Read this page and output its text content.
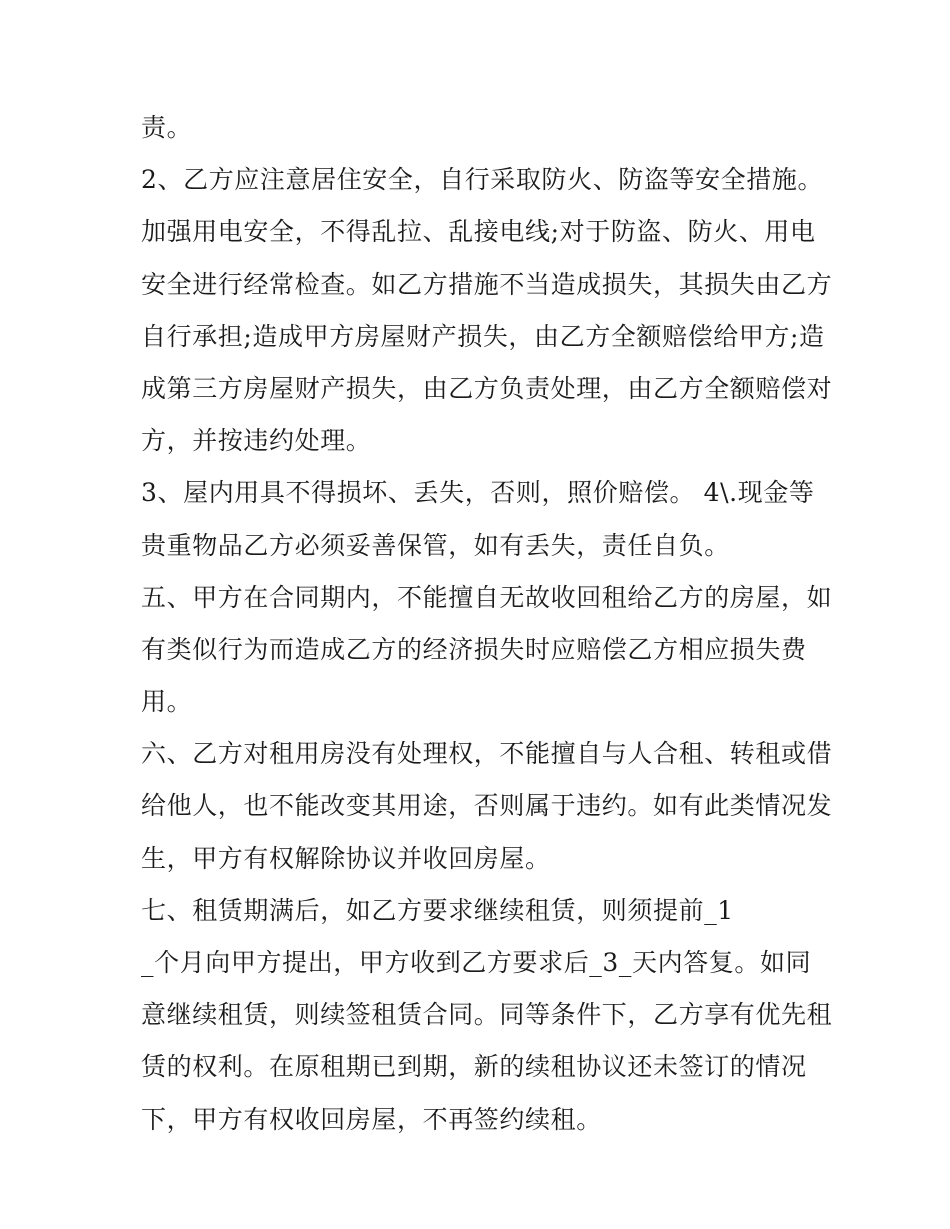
责。
2、乙方应注意居住安全，自行采取防火、防盗等安全措施。
加强用电安全，不得乱拉、乱接电线;对于防盗、防火、用电
安全进行经常检查。如乙方措施不当造成损失，其损失由乙方
自行承担;造成甲方房屋财产损失，由乙方全额赔偿给甲方;造
成第三方房屋财产损失，由乙方负责处理，由乙方全额赔偿对
方，并按违约处理。
3、屋内用具不得损坏、丢失，否则，照价赔偿。 4\.现金等
贵重物品乙方必须妥善保管，如有丢失，责任自负。
五、甲方在合同期内，不能擅自无故收回租给乙方的房屋，如
有类似行为而造成乙方的经济损失时应赔偿乙方相应损失费
用。
六、乙方对租用房没有处理权，不能擅自与人合租、转租或借
给他人，也不能改变其用途，否则属于违约。如有此类情况发
生，甲方有权解除协议并收回房屋。
七、租赁期满后，如乙方要求继续租赁，则须提前_1
_个月向甲方提出，甲方收到乙方要求后_3_天内答复。如同
意继续租赁，则续签租赁合同。同等条件下，乙方享有优先租
赁的权利。在原租期已到期，新的续租协议还未签订的情况
下，甲方有权收回房屋，不再签约续租。
